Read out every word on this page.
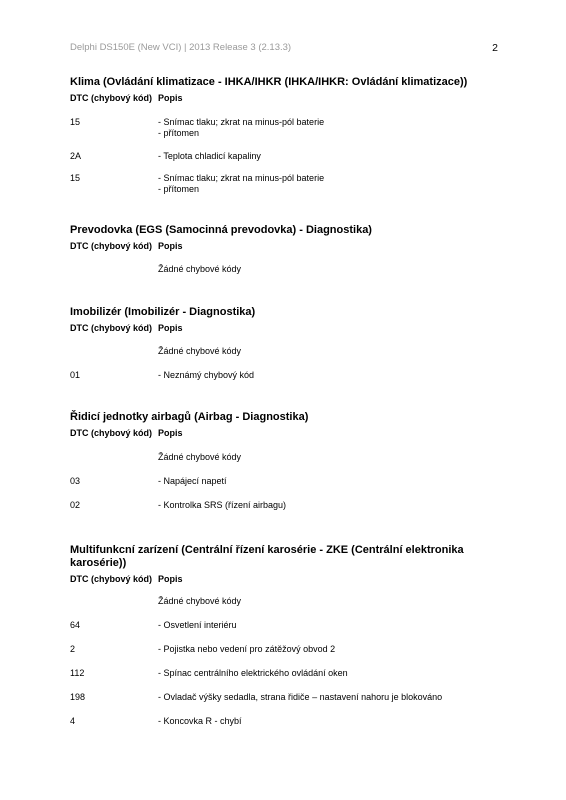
Delphi DS150E (New VCI) | 2013 Release 3 (2.13.3)	2
Klima (Ovládání klimatizace - IHKA/IHKR (IHKA/IHKR: Ovládání klimatizace))
DTC (chybový kód) Popis
15	- Snímac tlaku; zkrat na minus-pól baterie
- přítomen
2A	- Teplota chladicí kapaliny
15	- Snímac tlaku; zkrat na minus-pól baterie
- přítomen
Prevodovka (EGS (Samocinná prevodovka) - Diagnostika)
DTC (chybový kód) Popis
Žádné chybové kódy
Imobilizér (Imobilizér - Diagnostika)
DTC (chybový kód) Popis
Žádné chybové kódy
01	- Neznámý chybový kód
Řidicí jednotky airbagů (Airbag - Diagnostika)
DTC (chybový kód) Popis
Žádné chybové kódy
03	- Napájecí napetí
02	- Kontrolka SRS (řízení airbagu)
Multifunkcní zarízení (Centrální řízení karosérie - ZKE (Centrální elektronika karosérie))
DTC (chybový kód) Popis
Žádné chybové kódy
64	- Osvetlení interiéru
2	- Pojistka nebo vedení pro zátěžový obvod 2
112	- Spínac centrálního elektrického ovládání oken
198	- Ovladač výšky sedadla, strana řidiče – nastavení nahoru je blokováno
4	- Koncovka R - chybí
